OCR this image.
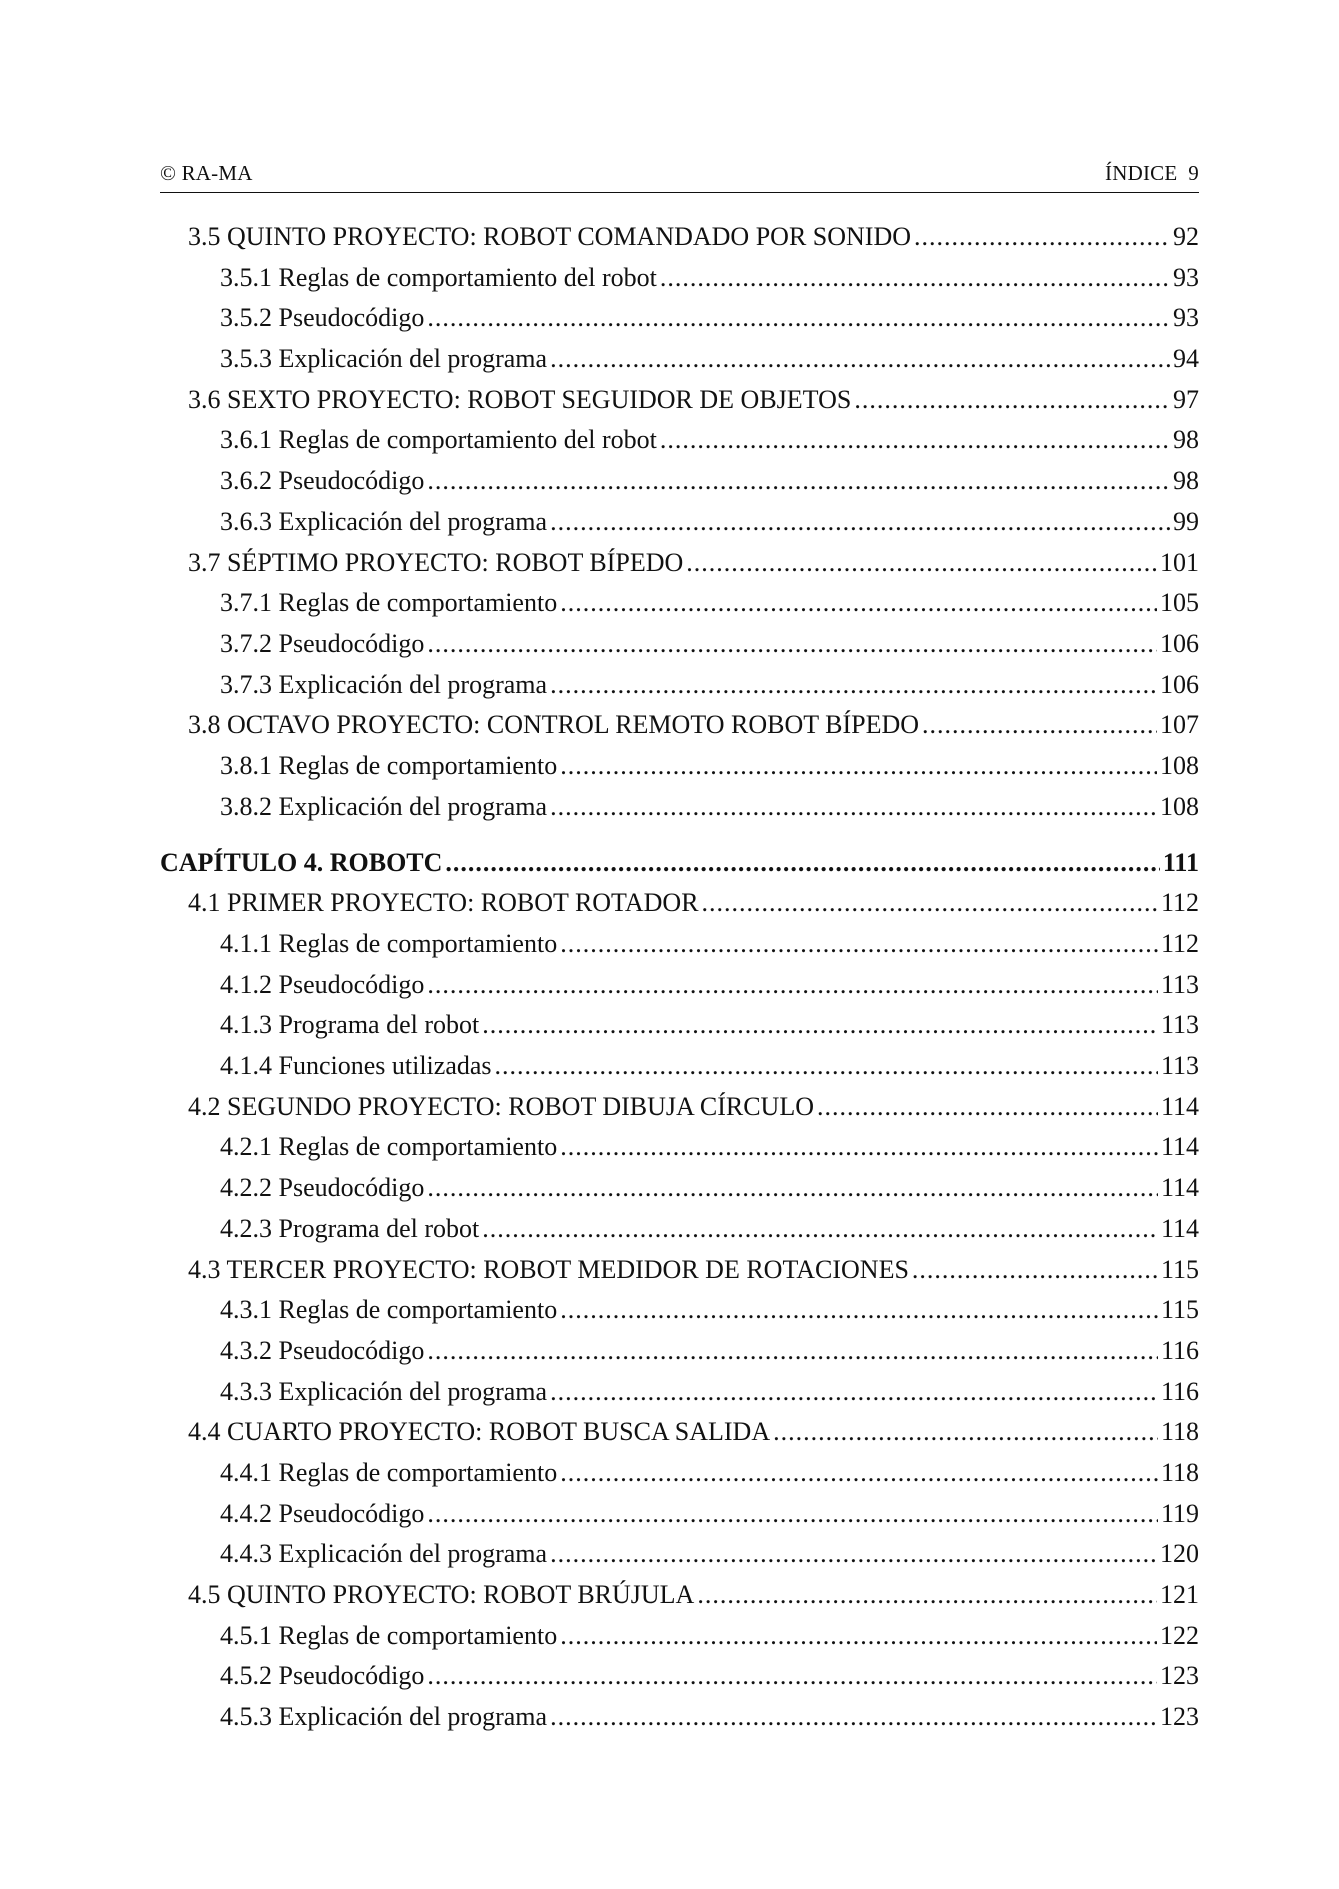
© RA-MA	ÍNDICE 9
3.5 QUINTO PROYECTO: ROBOT COMANDADO POR SONIDO .....	92
3.5.1 Reglas de comportamiento del robot .....	93
3.5.2 Pseudocódigo .....	93
3.5.3 Explicación del programa .....	94
3.6 SEXTO PROYECTO: ROBOT SEGUIDOR DE OBJETOS .....	97
3.6.1 Reglas de comportamiento del robot .....	98
3.6.2 Pseudocódigo .....	98
3.6.3 Explicación del programa .....	99
3.7 SÉPTIMO PROYECTO: ROBOT BÍPEDO .....	101
3.7.1 Reglas de comportamiento .....	105
3.7.2 Pseudocódigo .....	106
3.7.3 Explicación del programa .....	106
3.8 OCTAVO PROYECTO: CONTROL REMOTO ROBOT BÍPEDO .....	107
3.8.1 Reglas de comportamiento .....	108
3.8.2 Explicación del programa .....	108
CAPÍTULO 4. ROBOTC .....	111
4.1 PRIMER PROYECTO: ROBOT ROTADOR .....	112
4.1.1 Reglas de comportamiento .....	112
4.1.2 Pseudocódigo .....	113
4.1.3 Programa del robot .....	113
4.1.4 Funciones utilizadas .....	113
4.2 SEGUNDO PROYECTO: ROBOT DIBUJA CÍRCULO .....	114
4.2.1 Reglas de comportamiento .....	114
4.2.2 Pseudocódigo .....	114
4.2.3 Programa del robot .....	114
4.3 TERCER PROYECTO: ROBOT MEDIDOR DE ROTACIONES .....	115
4.3.1 Reglas de comportamiento .....	115
4.3.2 Pseudocódigo .....	116
4.3.3 Explicación del programa .....	116
4.4 CUARTO PROYECTO: ROBOT BUSCA SALIDA .....	118
4.4.1 Reglas de comportamiento .....	118
4.4.2 Pseudocódigo .....	119
4.4.3 Explicación del programa .....	120
4.5 QUINTO PROYECTO: ROBOT BRÚJULA .....	121
4.5.1 Reglas de comportamiento .....	122
4.5.2 Pseudocódigo .....	123
4.5.3 Explicación del programa .....	123
